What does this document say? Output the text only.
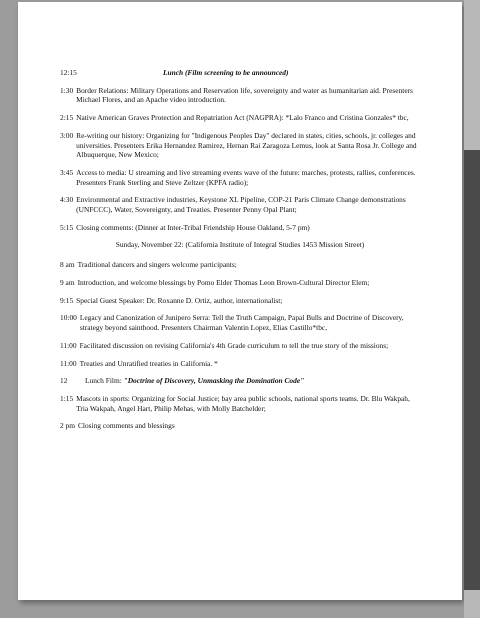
12:15	Lunch (Film screening to be announced)
1:30 Border Relations: Military Operations and Reservation life, sovereignty and water as humanitarian aid. Presenters Michael Flores, and an Apache video introduction.
2:15 Native American Graves Protection and Repatriation Act (NAGPRA): *Lalo Franco and Cristina Gonzales* tbc,
3:00 Re-writing our history: Organizing for "Indigenous Peoples Day" declared in states, cities, schools, jr. colleges and universities. Presenters Erika Hernandez Ramirez, Hernan Rai Zaragoza Lemus, look at Santa Rosa Jr. College and Albuquerque, New Mexico;
3:45 Access to media: U streaming and live streaming events wave of the future: marches, protests, rallies, conferences. Presenters Frank Sterling and Steve Zeltzer (KPFA radio);
4:30 Environmental and Extractive industries, Keystone XL Pipeline, COP-21 Paris Climate Change demonstrations (UNFCCC), Water, Sovereignty, and Treaties. Presenter Penny Opal Plant;
5:15 Closing comments: (Dinner at Inter-Tribal Friendship House Oakland, 5-7 pm)
Sunday, November 22: (California Institute of Integral Studies 1453 Mission Street)
8 am Traditional dancers and singers welcome participants;
9 am Introduction, and welcome blessings by Pomo Elder Thomas Leon Brown-Cultural Director Elem;
9:15 Special Guest Speaker: Dr. Roxanne D. Ortiz, author, internationalist;
10:00 Legacy and Canonization of Junipero Serra: Tell the Truth Campaign, Papal Bulls and Doctrine of Discovery, strategy beyond sainthood. Presenters Chairman Valentin Lopez, Elias Castillo*tbc,
11:00 Facilitated discussion on revising California's 4th Grade curriculum to tell the true story of the missions;
11:00 Treaties and Unratified treaties in California. *
12	Lunch Film: "Doctrine of Discovery, Unmasking the Domination Code"
1:15 Mascots in sports: Organizing for Social Justice; bay area public schools, national sports teams. Dr. Blu Wakpah, Tria Wakpah, Angel Hart, Philip Mehas, with Molly Batchelder;
2 pm Closing comments and blessings
